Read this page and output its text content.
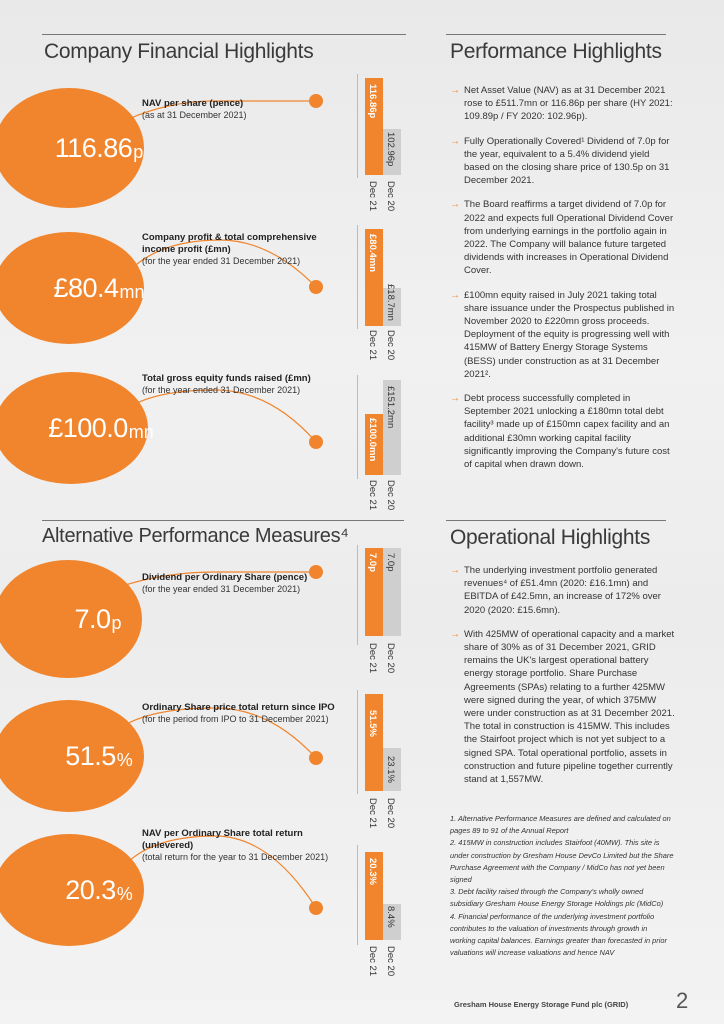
Company Financial Highlights
116.86 p
NAV per share (pence)
(as at 31 December 2021)	116.86p
102.96p
Dec 21 Dec 20
£80.4 mn
Company profit & total comprehensive income profit (£mn)
(for the year ended 31 December 2021)	£80.4mn
£18.7mn
Dec 21 Dec 20
£100.0 mn
Total gross equity funds raised (£mn)
(for the year ended 31 December 2021)
£100.0mn
£151.2mn
Dec 21 Dec 20
Alternative Performance Measures⁴
7.0 p
Dividend per Ordinary Share (pence)
(for the year ended 31 December 2021)
7.0p 7.0p
Dec 21 Dec 20
51.5 %
Ordinary Share price total return since IPO
(for the period from IPO to 31 December 2021)	51.5%
23.1%
Dec 21 Dec 20
20.3 %
NAV per Ordinary Share total return (unlevered)
(total return for the year to 31 December 2021)
20.3%
8.4%
Dec 21 Dec 20
Performance Highlights
→ Net Asset Value (NAV) as at 31 December 2021 rose to £511.7mn or 116.86p per share (HY 2021: 109.89p / FY 2020: 102.96p).
→ Fully Operationally Covered¹ Dividend of 7.0p for the year, equivalent to a 5.4% dividend yield based on the closing share price of 130.5p on 31 December 2021.
→ The Board reaffirms a target dividend of 7.0p for 2022 and expects full Operational Dividend Cover from underlying earnings in the portfolio again in 2022. The Company will balance future targeted dividends with increases in Operational Dividend Cover.
→ £100mn equity raised in July 2021 taking total share issuance under the Prospectus published in November 2020 to £220mn gross proceeds. Deployment of the equity is progressing well with 415MW of Battery Energy Storage Systems (BESS) under construction as at 31 December 2021².
→ Debt process successfully completed in September 2021 unlocking a £180mn total debt facility³ made up of £150mn capex facility and an additional £30mn working capital facility significantly improving the Company's future cost of capital when drawn down.
Operational Highlights
→ The underlying investment portfolio generated revenues⁴ of £51.4mn (2020: £16.1mn) and EBITDA of £42.5mn, an increase of 172% over 2020 (2020: £15.6mn).
→ With 425MW of operational capacity and a market share of 30% as of 31 December 2021, GRID remains the UK's largest operational battery energy storage portfolio. Share Purchase Agreements (SPAs) relating to a further 425MW were signed during the year, of which 375MW were under construction as at 31 December 2021. The total in construction is 415MW. This includes the Stairfoot project which is not yet subject to a signed SPA. Total operational portfolio, assets in construction and future pipeline together currently stand at 1,557MW.
1. Alternative Performance Measures are defined and calculated on pages 89 to 91 of the Annual Report
2. 415MW in construction includes Stairfoot (40MW). This site is under construction by Gresham House DevCo Limited but the Share Purchase Agreement with the Company / MidCo has not yet been signed
3. Debt facility raised through the Company's wholly owned subsidiary Gresham House Energy Storage Holdings plc (MidCo)
4. Financial performance of the underlying investment portfolio contributes to the valuation of investments through growth in working capital balances. Earnings greater than forecasted in prior valuations will increase valuations and hence NAV
Gresham House Energy Storage Fund plc (GRID) 2
